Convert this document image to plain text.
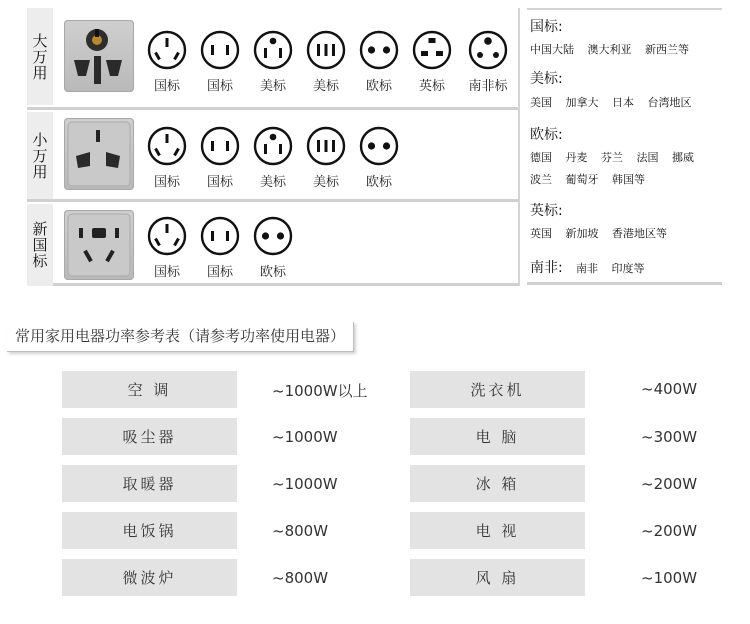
大万用
国标	国标	美标	美标	欧标	英标	南非标
小万用
国标	国标	美标	美标	欧标
新国标
国标	国标	欧标
国标:
中国大陆 澳大利亚 新西兰等
美标:
美国 加拿大 日本 台湾地区
欧标:
德国 丹麦 芬兰 法国 挪威
波兰 葡萄牙 韩国等
英标:
英国 新加坡 香港地区等
南非: 南非 印度等
常用家用电器功率参考表（请参考功率使用电器）
空 调	~1000W以上	洗衣机	~400W
吸尘器	~1000W	电 脑	~300W
取暖器	~1000W	冰 箱	~200W
电饭锅	~800W	电 视	~200W
微波炉	~800W	风 扇	~100W
